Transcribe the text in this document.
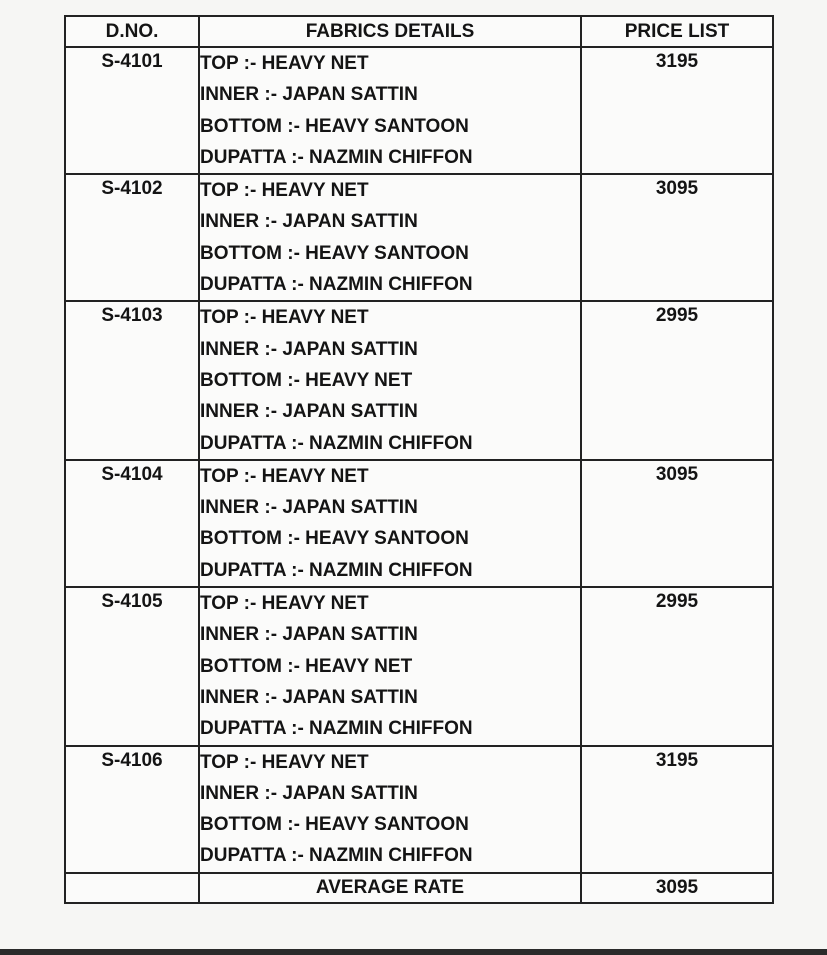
D.NO.	FABRICS DETAILS	PRICE LIST

S-4101	TOP :- HEAVY NET
INNER :- JAPAN SATTIN
BOTTOM :- HEAVY SANTOON
DUPATTA :- NAZMIN CHIFFON	3195

S-4102	TOP :- HEAVY NET
INNER :- JAPAN SATTIN
BOTTOM :- HEAVY SANTOON
DUPATTA :- NAZMIN CHIFFON	3095

S-4103	TOP :- HEAVY NET
INNER :- JAPAN SATTIN
BOTTOM :- HEAVY NET
INNER :- JAPAN SATTIN
DUPATTA :- NAZMIN CHIFFON	2995

S-4104	TOP :- HEAVY NET
INNER :- JAPAN SATTIN
BOTTOM :- HEAVY SANTOON
DUPATTA :- NAZMIN CHIFFON	3095

S-4105	TOP :- HEAVY NET
INNER :- JAPAN SATTIN
BOTTOM :- HEAVY NET
INNER :- JAPAN SATTIN
DUPATTA :- NAZMIN CHIFFON	2995

S-4106	TOP :- HEAVY NET
INNER :- JAPAN SATTIN
BOTTOM :- HEAVY SANTOON
DUPATTA :- NAZMIN CHIFFON	3195

	AVERAGE RATE	3095
